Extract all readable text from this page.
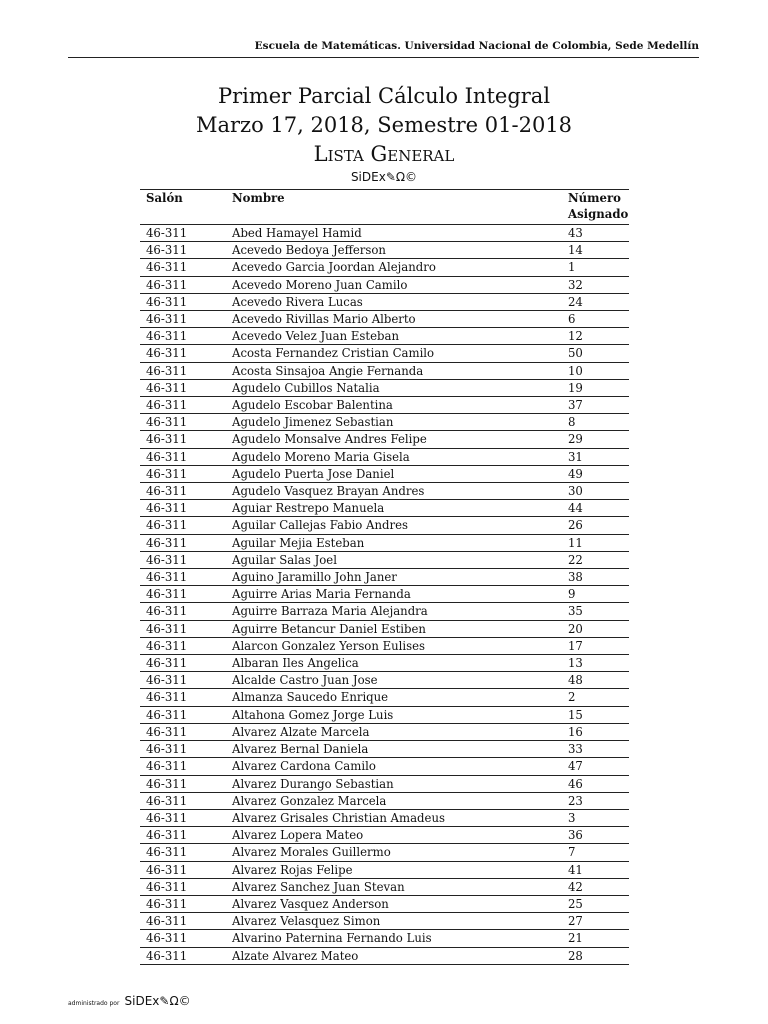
Escuela de Matemáticas. Universidad Nacional de Colombia, Sede Medellín
Primer Parcial Cálculo Integral
Marzo 17, 2018, Semestre 01-2018
Lista General
SiDEx✎Ω©
Salón	Nombre	Número Asignado
46-311	Abed Hamayel Hamid	43
46-311	Acevedo Bedoya Jefferson	14
46-311	Acevedo Garcia Joordan Alejandro	1
46-311	Acevedo Moreno Juan Camilo	32
46-311	Acevedo Rivera Lucas	24
46-311	Acevedo Rivillas Mario Alberto	6
46-311	Acevedo Velez Juan Esteban	12
46-311	Acosta Fernandez Cristian Camilo	50
46-311	Acosta Sinsajoa Angie Fernanda	10
46-311	Agudelo Cubillos Natalia	19
46-311	Agudelo Escobar Balentina	37
46-311	Agudelo Jimenez Sebastian	8
46-311	Agudelo Monsalve Andres Felipe	29
46-311	Agudelo Moreno Maria Gisela	31
46-311	Agudelo Puerta Jose Daniel	49
46-311	Agudelo Vasquez Brayan Andres	30
46-311	Aguiar Restrepo Manuela	44
46-311	Aguilar Callejas Fabio Andres	26
46-311	Aguilar Mejia Esteban	11
46-311	Aguilar Salas Joel	22
46-311	Aguino Jaramillo John Janer	38
46-311	Aguirre Arias Maria Fernanda	9
46-311	Aguirre Barraza Maria Alejandra	35
46-311	Aguirre Betancur Daniel Estiben	20
46-311	Alarcon Gonzalez Yerson Eulises	17
46-311	Albaran Iles Angelica	13
46-311	Alcalde Castro Juan Jose	48
46-311	Almanza Saucedo Enrique	2
46-311	Altahona Gomez Jorge Luis	15
46-311	Alvarez Alzate Marcela	16
46-311	Alvarez Bernal Daniela	33
46-311	Alvarez Cardona Camilo	47
46-311	Alvarez Durango Sebastian	46
46-311	Alvarez Gonzalez Marcela	23
46-311	Alvarez Grisales Christian Amadeus	3
46-311	Alvarez Lopera Mateo	36
46-311	Alvarez Morales Guillermo	7
46-311	Alvarez Rojas Felipe	41
46-311	Alvarez Sanchez Juan Stevan	42
46-311	Alvarez Vasquez Anderson	25
46-311	Alvarez Velasquez Simon	27
46-311	Alvarino Paternina Fernando Luis	21
46-311	Alzate Alvarez Mateo	28
administrado por SiDEx✎Ω©
